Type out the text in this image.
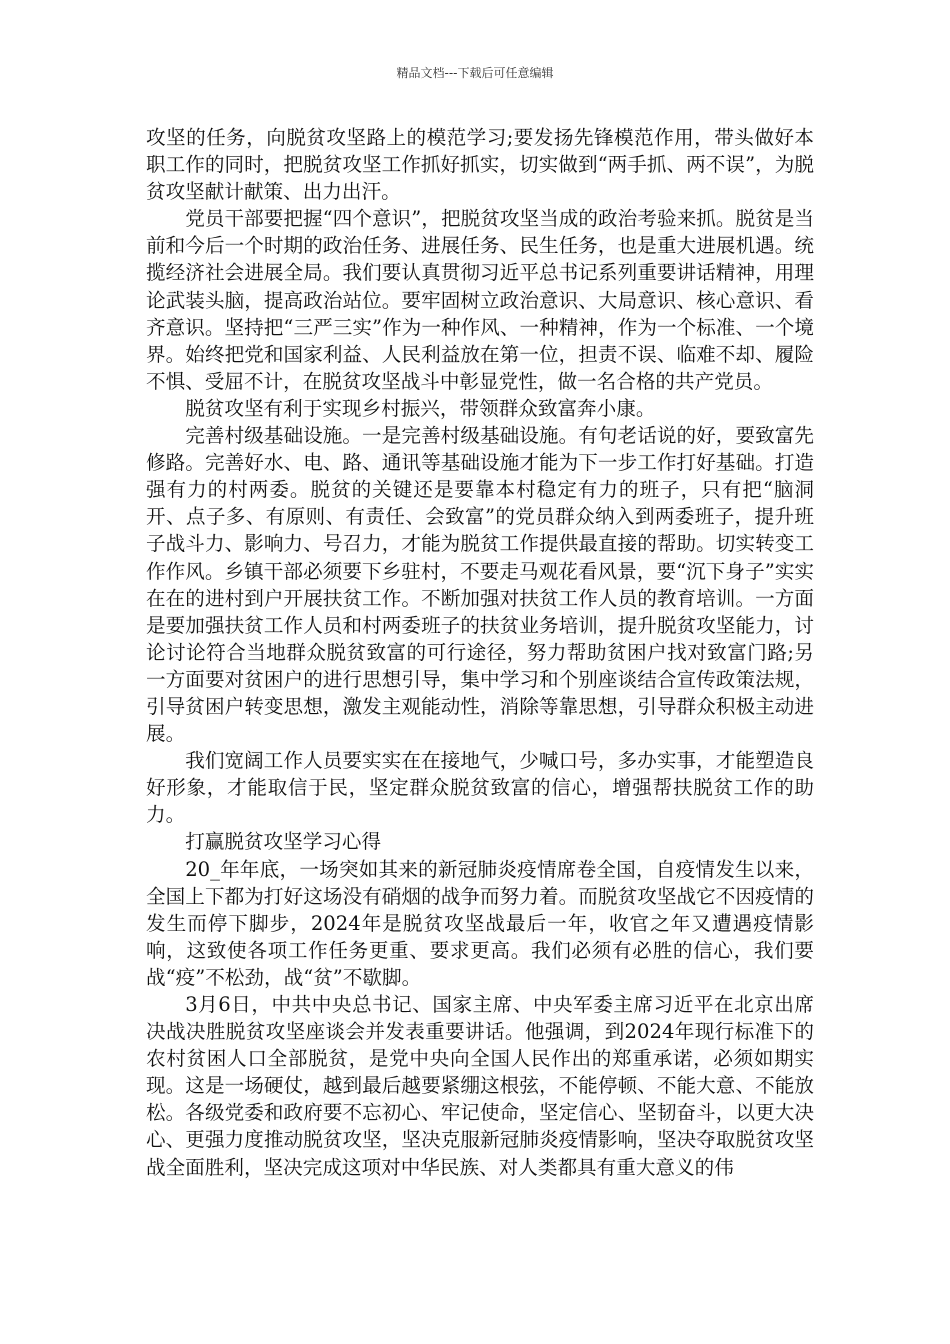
精品文档---下载后可任意编辑

攻坚的任务，向脱贫攻坚路上的模范学习;要发扬先锋模范作用，带头做好本职工作的同时，把脱贫攻坚工作抓好抓实，切实做到“两手抓、两不误”，为脱贫攻坚献计献策、出力出汗。

党员干部要把握“四个意识”，把脱贫攻坚当成的政治考验来抓。脱贫是当前和今后一个时期的政治任务、进展任务、民生任务，也是重大进展机遇。统揽经济社会进展全局。我们要认真贯彻习近平总书记系列重要讲话精神，用理论武装头脑，提高政治站位。要牢固树立政治意识、大局意识、核心意识、看齐意识。坚持把“三严三实”作为一种作风、一种精神，作为一个标准、一个境界。始终把党和国家利益、人民利益放在第一位，担责不误、临难不却、履险不惧、受屈不计，在脱贫攻坚战斗中彰显党性，做一名合格的共产党员。

脱贫攻坚有利于实现乡村振兴，带领群众致富奔小康。

完善村级基础设施。一是完善村级基础设施。有句老话说的好，要致富先修路。完善好水、电、路、通讯等基础设施才能为下一步工作打好基础。打造强有力的村两委。脱贫的关键还是要靠本村稳定有力的班子，只有把“脑洞开、点子多、有原则、有责任、会致富”的党员群众纳入到两委班子，提升班子战斗力、影响力、号召力，才能为脱贫工作提供最直接的帮助。切实转变工作作风。乡镇干部必须要下乡驻村，不要走马观花看风景，要“沉下身子”实实在在的进村到户开展扶贫工作。不断加强对扶贫工作人员的教育培训。一方面是要加强扶贫工作人员和村两委班子的扶贫业务培训，提升脱贫攻坚能力，讨论讨论符合当地群众脱贫致富的可行途径，努力帮助贫困户找对致富门路;另一方面要对贫困户的进行思想引导，集中学习和个别座谈结合宣传政策法规，引导贫困户转变思想，激发主观能动性，消除等靠思想，引导群众积极主动进展。

我们宽阔工作人员要实实在在接地气，少喊口号，多办实事，才能塑造良好形象，才能取信于民，坚定群众脱贫致富的信心，增强帮扶脱贫工作的助力。

打赢脱贫攻坚学习心得

20_年年底，一场突如其来的新冠肺炎疫情席卷全国，自疫情发生以来，全国上下都为打好这场没有硝烟的战争而努力着。而脱贫攻坚战它不因疫情的发生而停下脚步，2024年是脱贫攻坚战最后一年，收官之年又遭遇疫情影响，这致使各项工作任务更重、要求更高。我们必须有必胜的信心，我们要战“疫”不松劲，战“贫”不歇脚。

3月6日，中共中央总书记、国家主席、中央军委主席习近平在北京出席决战决胜脱贫攻坚座谈会并发表重要讲话。他强调，到2024年现行标准下的农村贫困人口全部脱贫，是党中央向全国人民作出的郑重承诺，必须如期实现。这是一场硬仗，越到最后越要紧绷这根弦，不能停顿、不能大意、不能放松。各级党委和政府要不忘初心、牢记使命，坚定信心、坚韧奋斗，以更大决心、更强力度推动脱贫攻坚，坚决克服新冠肺炎疫情影响，坚决夺取脱贫攻坚战全面胜利，坚决完成这项对中华民族、对人类都具有重大意义的伟
